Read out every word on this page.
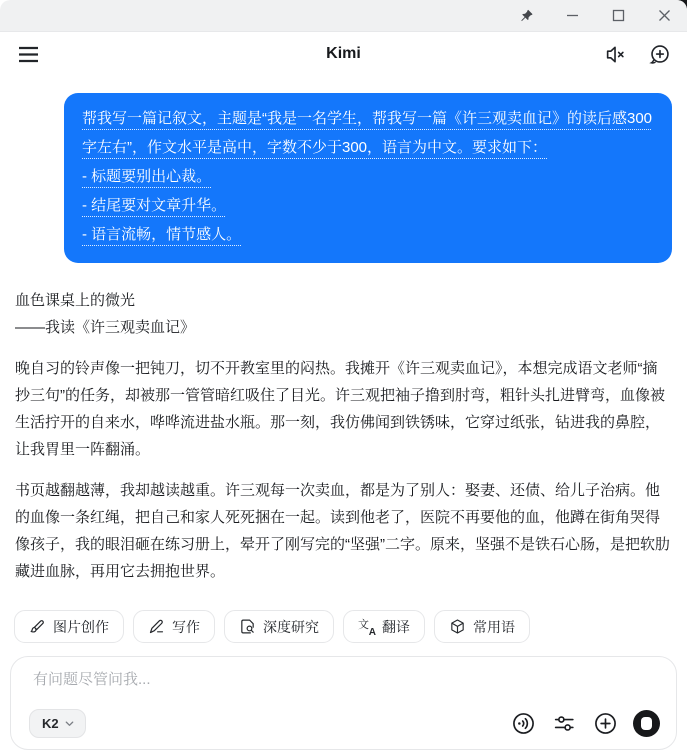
Kimi
帮我写一篇记叙文，主题是“我是一名学生，帮我写一篇《许三观卖血记》的读后感300字左右”，作文水平是高中，字数不少于300，语言为中文。要求如下：
- 标题要别出心裁。
- 结尾要对文章升华。
- 语言流畅，情节感人。
血色课桌上的微光
——我读《许三观卖血记》

晚自习的铃声像一把钝刀，切不开教室里的闷热。我摊开《许三观卖血记》，本想完成语文老师“摘抄三句”的任务，却被那一管管暗红吸住了目光。许三观把袖子撸到肘弯，粗针头扎进臂弯，血像被生活拧开的自来水，哗哗流进盐水瓶。那一刻，我仿佛闻到铁锈味，它穿过纸张，钻进我的鼻腔，让我胃里一阵翻涌。

书页越翻越薄，我却越读越重。许三观每一次卖血，都是为了别人：娶妻、还债、给儿子治病。他的血像一条红绳，把自己和家人死死捆在一起。读到他老了，医院不再要他的血，他蹲在街角哭得像孩子，我的眼泪砸在练习册上，晕开了刚写完的“坚强”二字。原来，坚强不是铁石心肠，是把软肋藏进血脉，再用它去拥抱世界。

图片创作	写作	深度研究	文
A 翻译	常用语
有问题尽管问我...
K2
